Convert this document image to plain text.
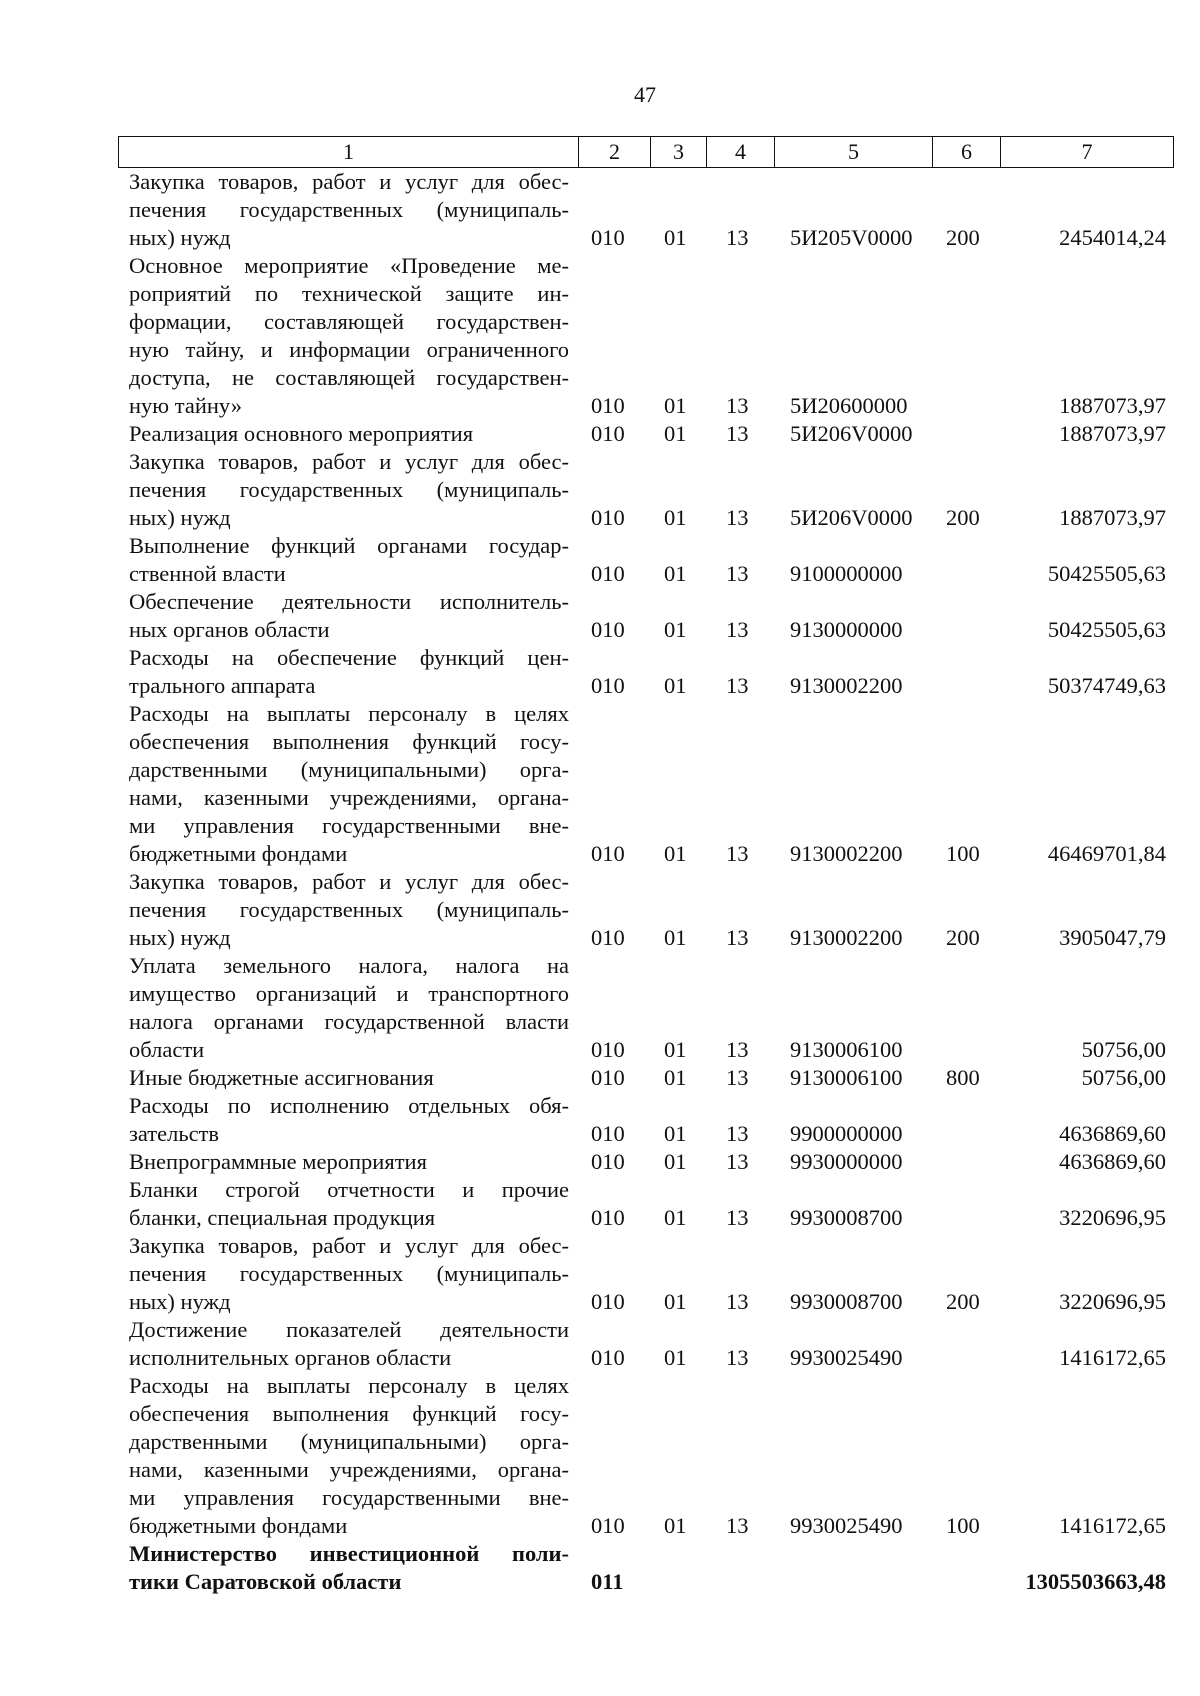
47
1	2	3	4	5	6	7
Закупка товаров, работ и услуг для обес-
печения государственных (муниципаль-
ных) нужд	010 01 13 5И205V0000 200	2454014,24
Основное мероприятие «Проведение ме-
роприятий по технической защите ин-
формации, составляющей государствен-
ную тайну, и информации ограниченного
доступа, не составляющей государствен-
ную тайну»	010 01 13 5И20600000	1887073,97
Реализация основного мероприятия	010 01 13 5И206V0000	1887073,97
Закупка товаров, работ и услуг для обес-
печения государственных (муниципаль-
ных) нужд	010 01 13 5И206V0000 200	1887073,97
Выполнение функций органами государ-
ственной власти	010 01 13 9100000000	50425505,63
Обеспечение деятельности исполнитель-
ных органов области	010 01 13 9130000000	50425505,63
Расходы на обеспечение функций цен-
трального аппарата	010 01 13 9130002200	50374749,63
Расходы на выплаты персоналу в целях
обеспечения выполнения функций госу-
дарственными (муниципальными) орга-
нами, казенными учреждениями, органа-
ми управления государственными вне-
бюджетными фондами	010 01 13 9130002200 100	46469701,84
Закупка товаров, работ и услуг для обес-
печения государственных (муниципаль-
ных) нужд	010 01 13 9130002200 200	3905047,79
Уплата земельного налога, налога на
имущество организаций и транспортного
налога органами государственной власти
области	010 01 13 9130006100	50756,00
Иные бюджетные ассигнования	010 01 13 9130006100 800	50756,00
Расходы по исполнению отдельных обя-
зательств	010 01 13 9900000000	4636869,60
Внепрограммные мероприятия	010 01 13 9930000000	4636869,60
Бланки строгой отчетности и прочие
бланки, специальная продукция	010 01 13 9930008700	3220696,95
Закупка товаров, работ и услуг для обес-
печения государственных (муниципаль-
ных) нужд	010 01 13 9930008700 200	3220696,95
Достижение показателей деятельности
исполнительных органов области	010 01 13 9930025490	1416172,65
Расходы на выплаты персоналу в целях
обеспечения выполнения функций госу-
дарственными (муниципальными) орга-
нами, казенными учреждениями, органа-
ми управления государственными вне-
бюджетными фондами	010 01 13 9930025490 100	1416172,65
Министерство инвестиционной поли-
тики Саратовской области	011	1305503663,48
